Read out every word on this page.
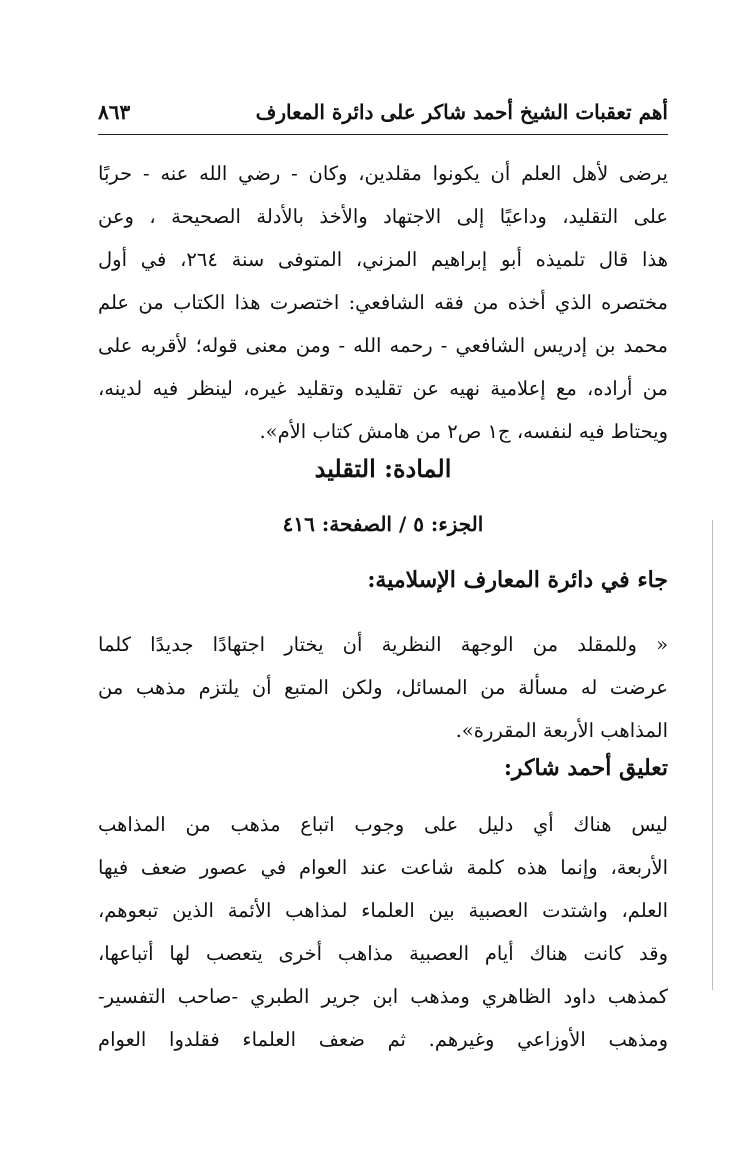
أهم تعقبات الشيخ أحمد شاكر على دائرة المعارف
٨٦٣
يرضى لأهل العلم أن يكونوا مقلدين، وكان - رضي الله عنه - حربًا
على التقليد، وداعيًا إلى الاجتهاد والأخذ بالأدلة الصحيحة ، وعن
هذا قال تلميذه أبو إبراهيم المزني، المتوفى سنة ٢٦٤، في أول
مختصره الذي أخذه من فقه الشافعي: اختصرت هذا الكتاب من علم
محمد بن إدريس الشافعي - رحمه الله - ومن معنى قوله؛ لأقربه على
من أراده، مع إعلامية نهيه عن تقليده وتقليد غيره، لينظر فيه لدينه،
ويحتاط فيه لنفسه، ج١ ص٢ من هامش كتاب الأم».
المادة: التقليد
الجزء: ٥ / الصفحة: ٤١٦
جاء في دائرة المعارف الإسلامية:
« وللمقلد من الوجهة النظرية أن يختار اجتهادًا جديدًا كلما
عرضت له مسألة من المسائل، ولكن المتبع أن يلتزم مذهب من
المذاهب الأربعة المقررة».
تعليق أحمد شاكر:
ليس هناك أي دليل على وجوب اتباع مذهب من المذاهب
الأربعة، وإنما هذه كلمة شاعت عند العوام في عصور ضعف فيها
العلم، واشتدت العصبية بين العلماء لمذاهب الأئمة الذين تبعوهم،
وقد كانت هناك أيام العصبية مذاهب أخرى يتعصب لها أتباعها،
كمذهب داود الظاهري ومذهب ابن جرير الطبري -صاحب التفسير-
ومذهب الأوزاعي وغيرهم. ثم ضعف العلماء فقلدوا العوام
